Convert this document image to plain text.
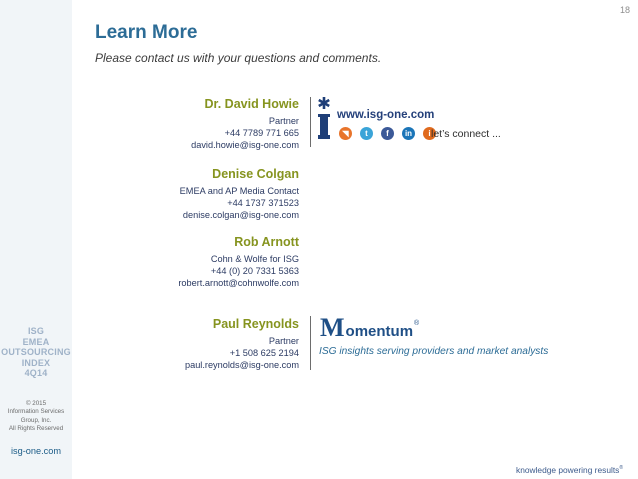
ISG
EMEA
OUTSOURCING
INDEX
4Q14
© 2015
Information Services
Group, Inc.
All Rights Reserved
isg-one.com
18
Learn More
Please contact us with your questions and comments.
Dr. David Howie
Partner
+44 7789 771 665
david.howie@isg-one.com
Denise Colgan
EMEA and AP Media Contact
+44 1737 371523
denise.colgan@isg-one.com
Rob Arnott
Cohn & Wolfe for ISG
+44 (0) 20 7331 5363
robert.arnott@cohnwolfe.com
Paul Reynolds
Partner
+1 508 625 2194
paul.reynolds@isg-one.com
www.isg-one.com
◥	t	f	in	i let’s connect ...
M omentum ®
ISG insights serving providers and market analysts
knowledge powering results®
